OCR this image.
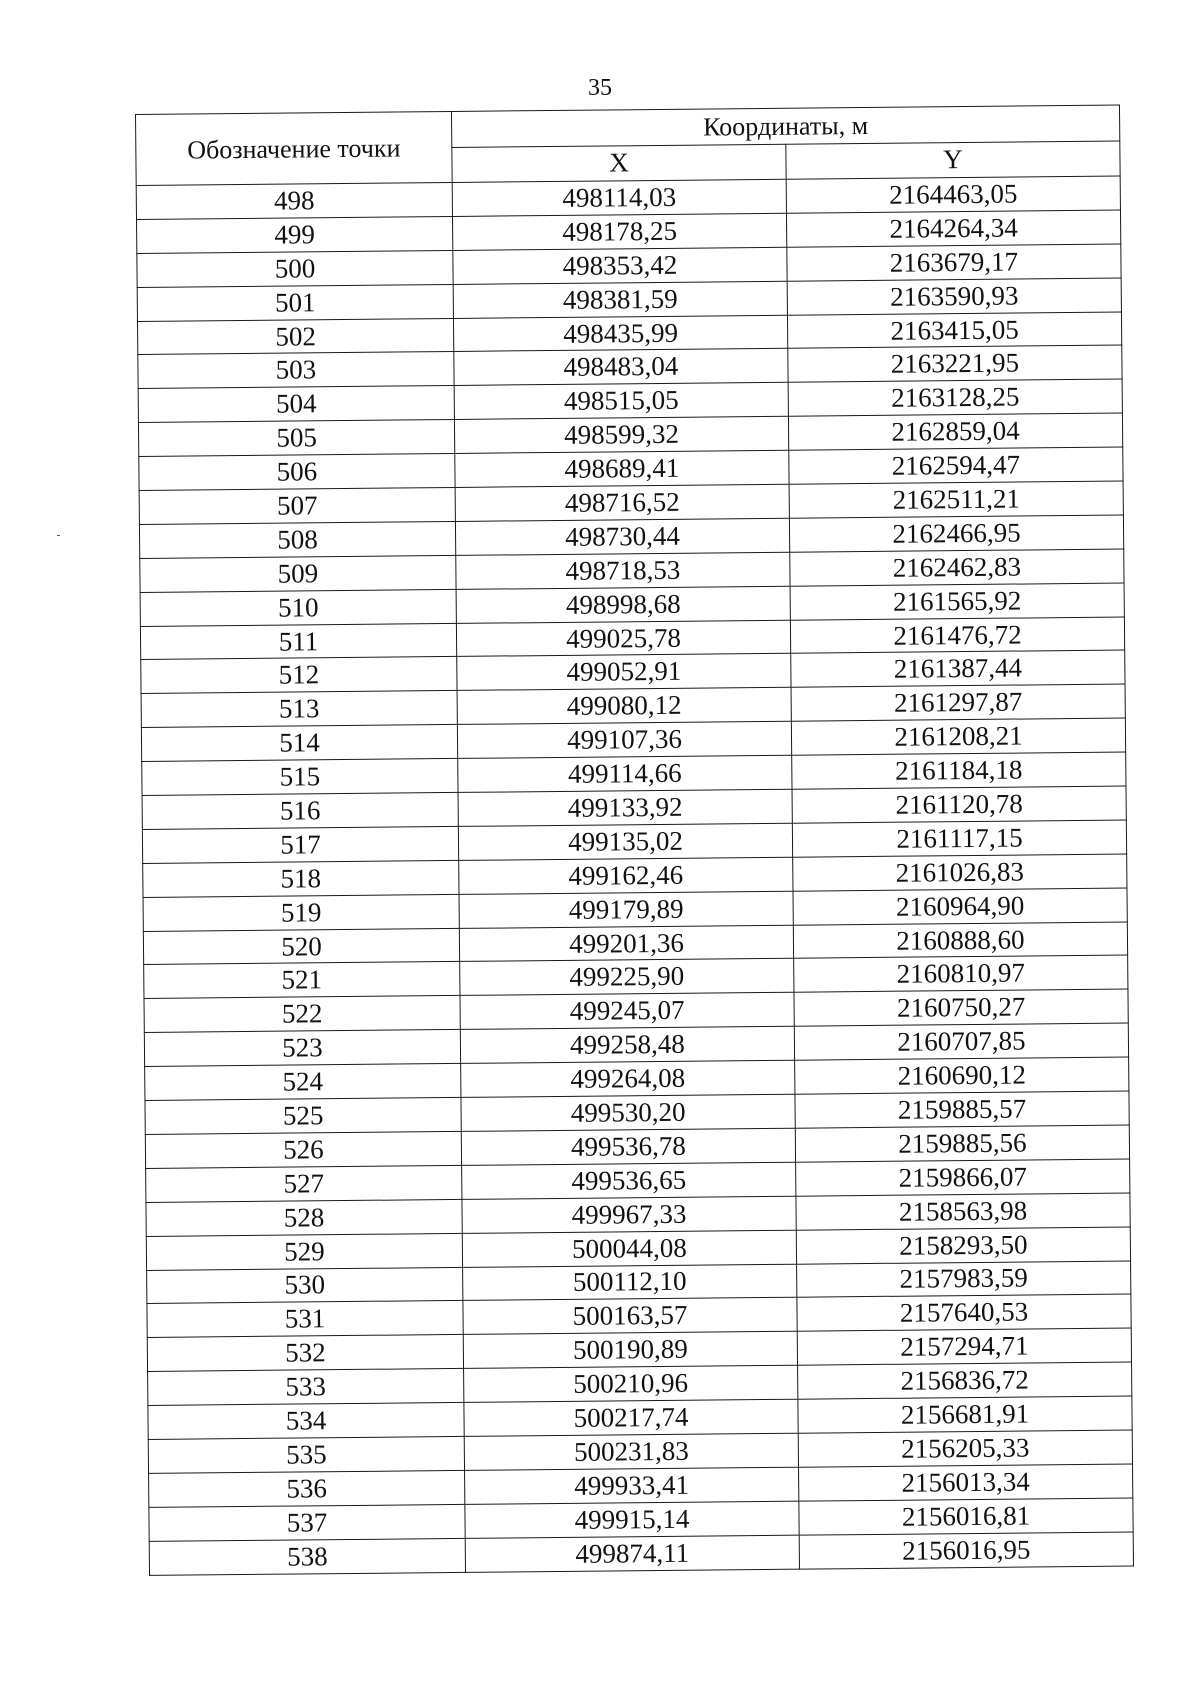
35
Обозначение точки	Координаты, м	
	X	Y
498	498114,03	2164463,05
499	498178,25	2164264,34
500	498353,42	2163679,17
501	498381,59	2163590,93
502	498435,99	2163415,05
503	498483,04	2163221,95
504	498515,05	2163128,25
505	498599,32	2162859,04
506	498689,41	2162594,47
507	498716,52	2162511,21
508	498730,44	2162466,95
509	498718,53	2162462,83
510	498998,68	2161565,92
511	499025,78	2161476,72
512	499052,91	2161387,44
513	499080,12	2161297,87
514	499107,36	2161208,21
515	499114,66	2161184,18
516	499133,92	2161120,78
517	499135,02	2161117,15
518	499162,46	2161026,83
519	499179,89	2160964,90
520	499201,36	2160888,60
521	499225,90	2160810,97
522	499245,07	2160750,27
523	499258,48	2160707,85
524	499264,08	2160690,12
525	499530,20	2159885,57
526	499536,78	2159885,56
527	499536,65	2159866,07
528	499967,33	2158563,98
529	500044,08	2158293,50
530	500112,10	2157983,59
531	500163,57	2157640,53
532	500190,89	2157294,71
533	500210,96	2156836,72
534	500217,74	2156681,91
535	500231,83	2156205,33
536	499933,41	2156013,34
537	499915,14	2156016,81
538	499874,11	2156016,95
